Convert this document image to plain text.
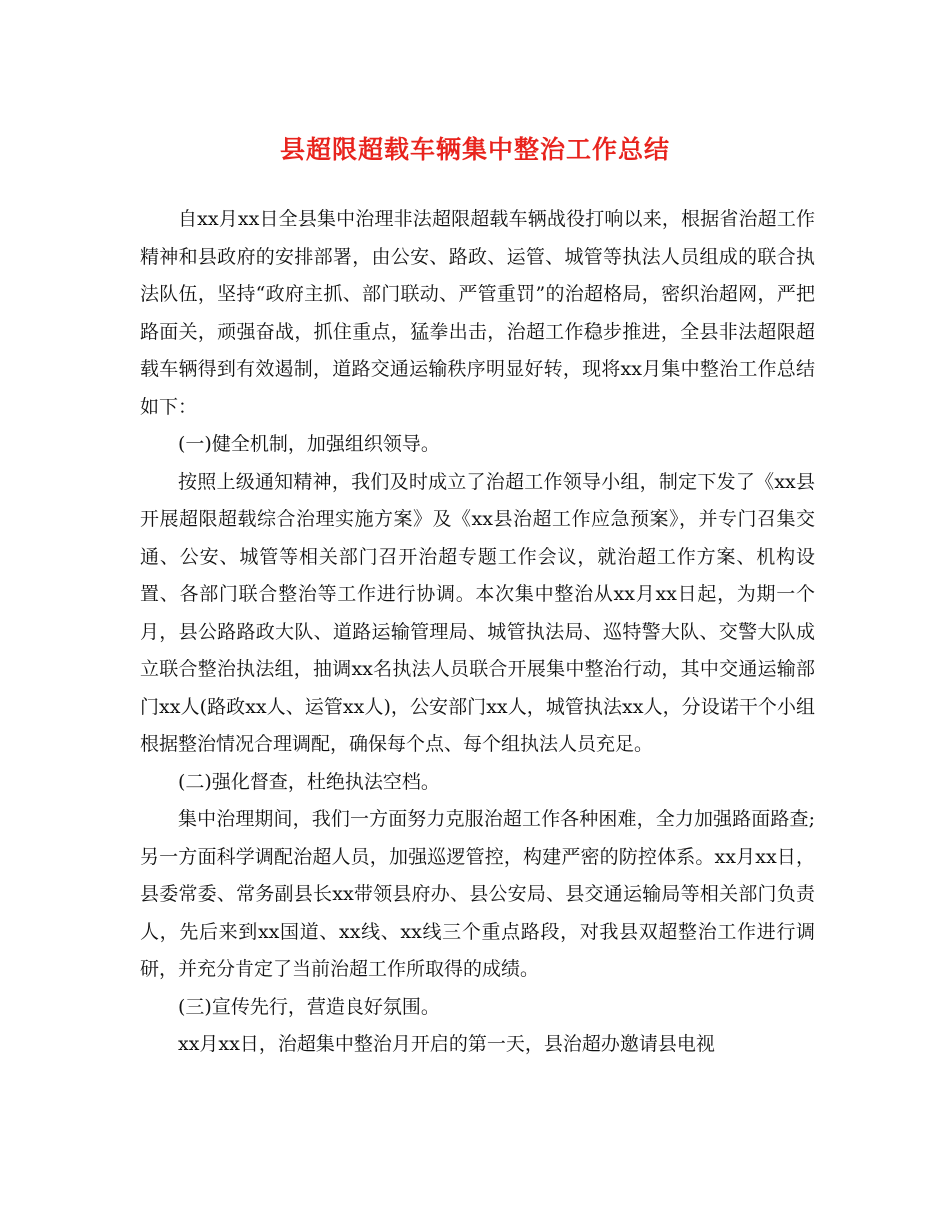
县超限超载车辆集中整治工作总结

自xx月xx日全县集中治理非法超限超载车辆战役打响以来，根据省治超工作精神和县政府的安排部署，由公安、路政、运管、城管等执法人员组成的联合执法队伍，坚持“政府主抓、部门联动、严管重罚”的治超格局，密织治超网，严把路面关，顽强奋战，抓住重点，猛拳出击，治超工作稳步推进，全县非法超限超载车辆得到有效遏制，道路交通运输秩序明显好转，现将xx月集中整治工作总结如下：

(一)健全机制，加强组织领导。

按照上级通知精神，我们及时成立了治超工作领导小组，制定下发了《xx县开展超限超载综合治理实施方案》及《xx县治超工作应急预案》，并专门召集交通、公安、城管等相关部门召开治超专题工作会议，就治超工作方案、机构设置、各部门联合整治等工作进行协调。本次集中整治从xx月xx日起，为期一个月，县公路路政大队、道路运输管理局、城管执法局、巡特警大队、交警大队成立联合整治执法组，抽调xx名执法人员联合开展集中整治行动，其中交通运输部门xx人(路政xx人、运管xx人)，公安部门xx人，城管执法xx人，分设诺干个小组根据整治情况合理调配，确保每个点、每个组执法人员充足。

(二)强化督查，杜绝执法空档。

集中治理期间，我们一方面努力克服治超工作各种困难，全力加强路面路查;另一方面科学调配治超人员，加强巡逻管控，构建严密的防控体系。xx月xx日，县委常委、常务副县长xx带领县府办、县公安局、县交通运输局等相关部门负责人，先后来到xx国道、xx线、xx线三个重点路段，对我县双超整治工作进行调研，并充分肯定了当前治超工作所取得的成绩。

(三)宣传先行，营造良好氛围。

xx月xx日，治超集中整治月开启的第一天，县治超办邀请县电视
